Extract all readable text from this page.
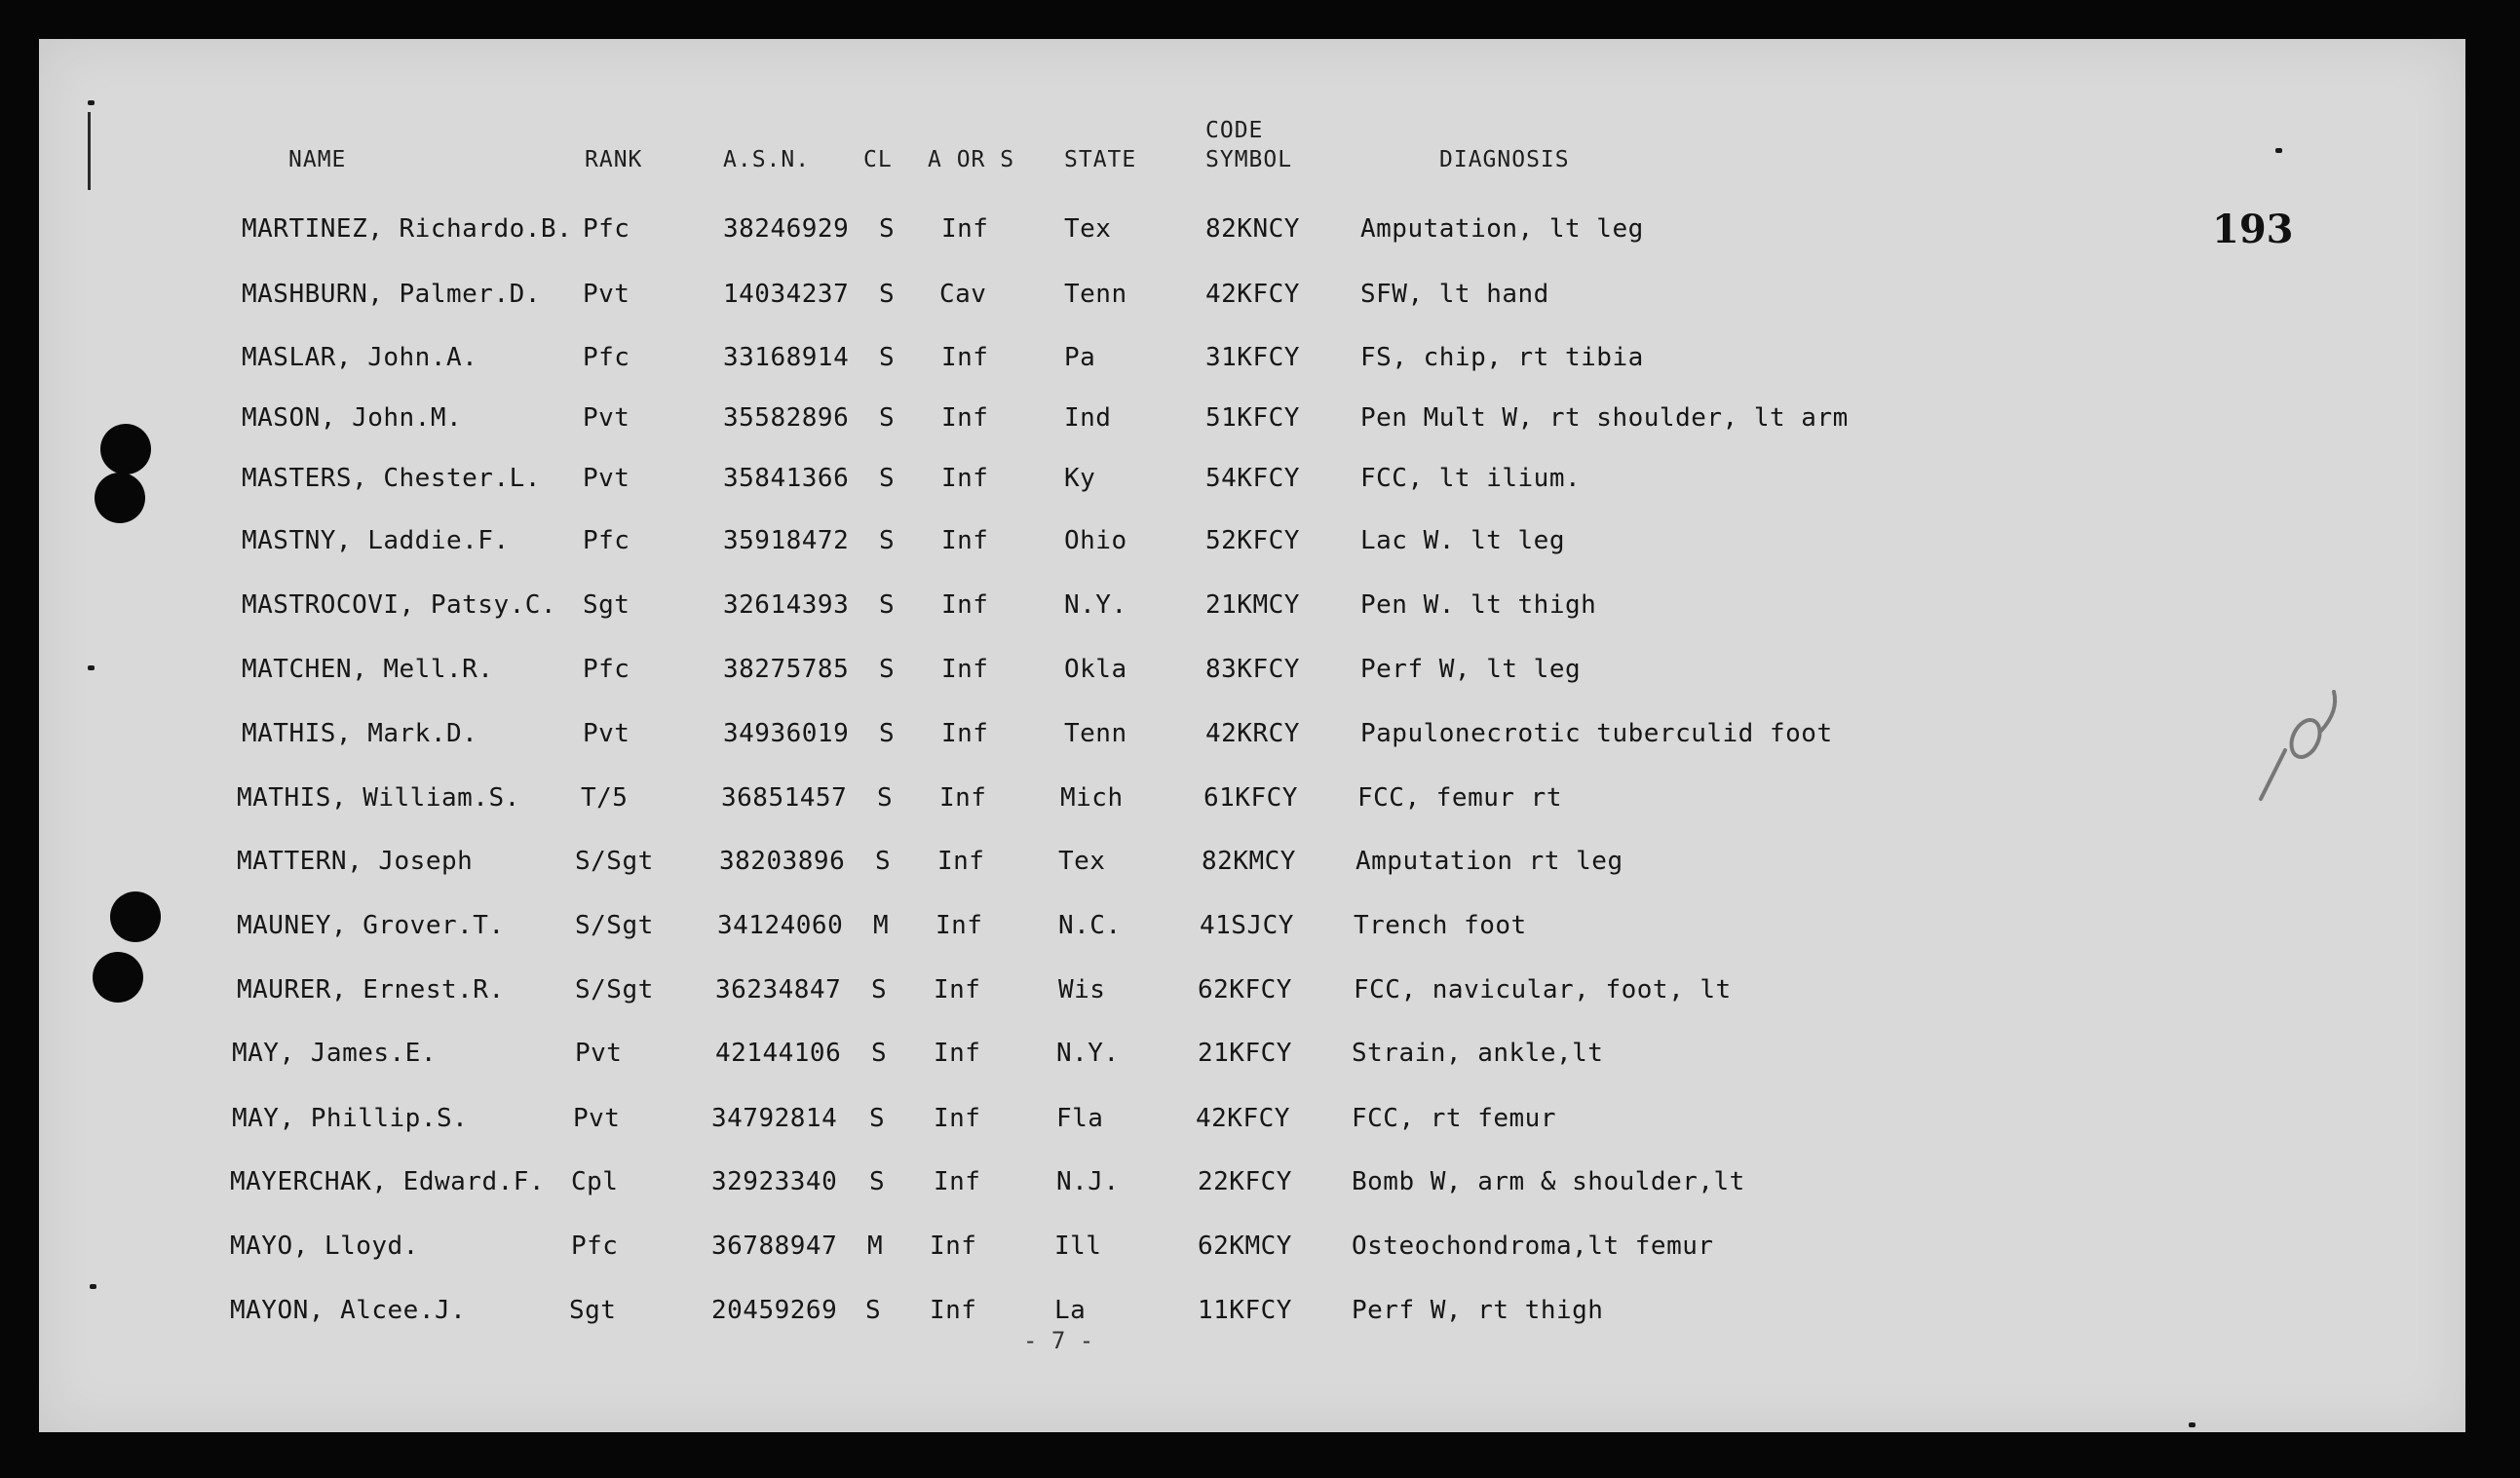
NAME	RANK	A.S.N. CL A OR S STATE
CODE
SYMBOL	DIAGNOSIS
193
MARTINEZ, Richardo.B. Pfc	38246929 S Inf	Tex	82KNCY Amputation, lt leg
MASHBURN, Palmer.D. Pvt	14034237 S Cav	Tenn	42KFCY SFW, lt hand
MASLAR, John.A.	Pfc	33168914 S Inf	Pa	31KFCY FS, chip, rt tibia
MASON, John.M.	Pvt	35582896 S Inf	Ind	51KFCY Pen Mult W, rt shoulder, lt arm
MASTERS, Chester.L. Pvt	35841366 S Inf	Ky	54KFCY FCC, lt ilium.
MASTNY, Laddie.F.	Pfc	35918472 S Inf	Ohio	52KFCY Lac W. lt leg
MASTROCOVI, Patsy.C. Sgt	32614393 S Inf	N.Y.	21KMCY Pen W. lt thigh
MATCHEN, Mell.R.	Pfc	38275785 S Inf	Okla	83KFCY Perf W, lt leg
MATHIS, Mark.D.	Pvt	34936019 S Inf	Tenn	42KRCY Papulonecrotic tuberculid foot
MATHIS, William.S. T/5	36851457 S Inf	Mich	61KFCY FCC, femur rt
MATTERN, Joseph	S/Sgt	38203896 S Inf	Tex	82KMCY Amputation rt leg
MAUNEY, Grover.T.	S/Sgt	34124060 M Inf	N.C.	41SJCY Trench foot
MAURER, Ernest.R.	S/Sgt 36234847 S Inf	Wis	62KFCY FCC, navicular, foot, lt
MAY, James.E.	Pvt	42144106 S Inf	N.Y.	21KFCY Strain, ankle,lt
MAY, Phillip.S.	Pvt	34792814 S Inf	Fla	42KFCY FCC, rt femur
MAYERCHAK, Edward.F. Cpl	32923340 S Inf	N.J.	22KFCY Bomb W, arm & shoulder,lt
MAYO, Lloyd.	Pfc	36788947 M Inf	Ill	62KMCY Osteochondroma,lt femur
MAYON, Alcee.J.	Sgt	20459269 S Inf	La	11KFCY Perf W, rt thigh
- 7 -
